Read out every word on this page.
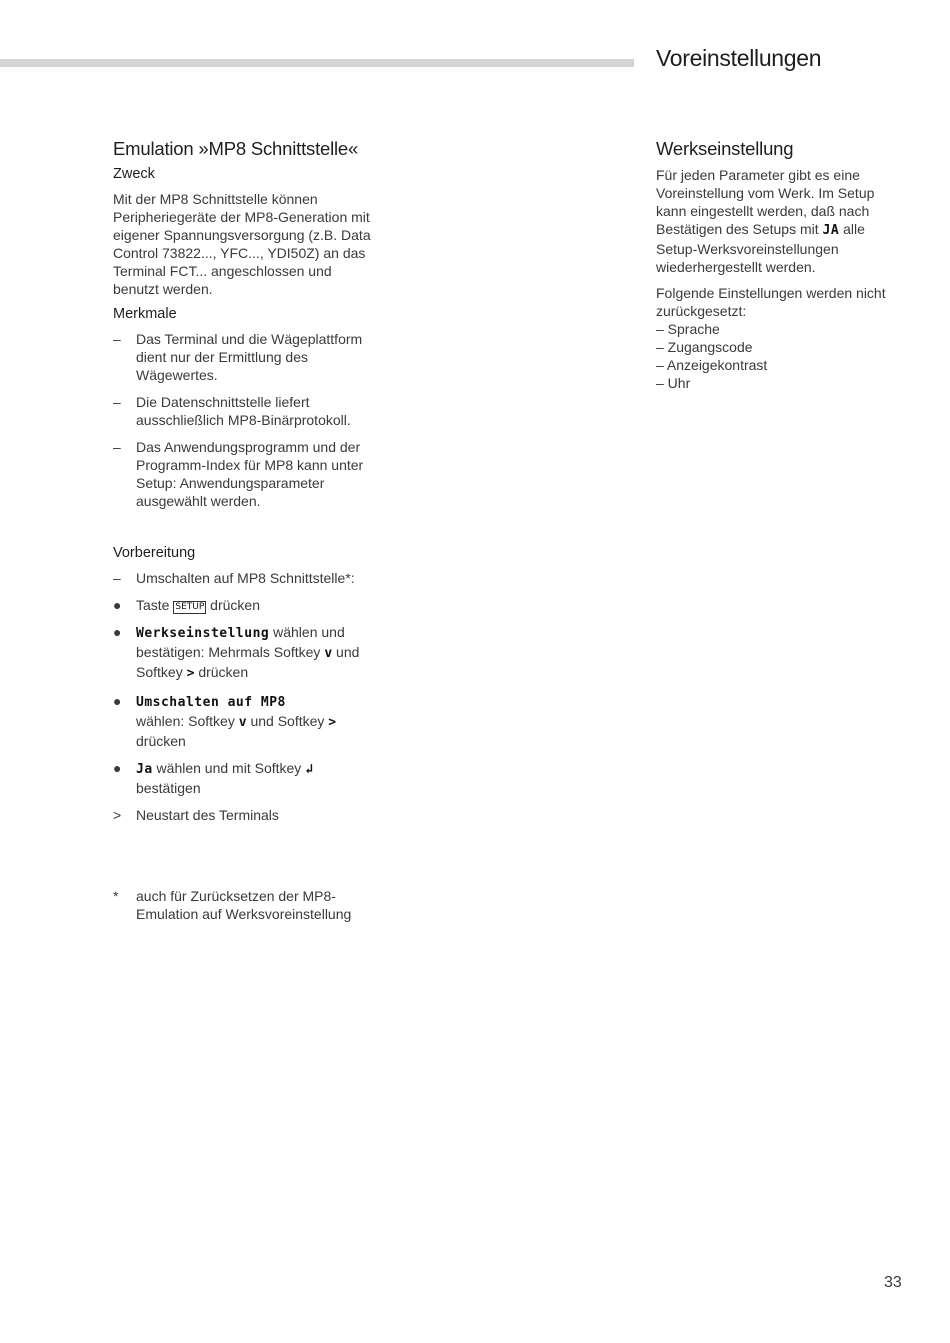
Voreinstellungen
Emulation »MP8 Schnittstelle«
Zweck

Mit der MP8 Schnittstelle können Peripheriegeräte der MP8-Generation mit eigener Spannungsversorgung (z.B. Data Control 73822..., YFC..., YDI50Z) an das Terminal FCT... angeschlossen und benutzt werden.

Merkmale
–	Das Terminal und die Wägeplattform dient nur der Ermittlung des Wägewertes.
–	Die Datenschnittstelle liefert ausschließlich MP8-Binärprotokoll.
–	Das Anwendungsprogramm und der Programm-Index für MP8 kann unter Setup: Anwendungsparameter ausgewählt werden.
Vorbereitung
–	Umschalten auf MP8 Schnittstelle*:
●	Taste SETUP drücken
●	Werkseinstellung wählen und bestätigen: Mehrmals Softkey v und Softkey > drücken
●	Umschalten auf MP8
wählen: Softkey v und Softkey > drücken
●	Ja wählen und mit Softkey ↲ bestätigen
>	Neustart des Terminals
*	auch für Zurücksetzen der MP8-Emulation auf Werksvoreinstellung
Werkseinstellung

Für jeden Parameter gibt es eine Voreinstellung vom Werk. Im Setup kann eingestellt werden, daß nach Bestätigen des Setups mit JA alle Setup-Werksvoreinstellungen wiederhergestellt werden.

Folgende Einstellungen werden nicht zurückgesetzt:

– Sprache

– Zugangscode

– Anzeigekontrast

– Uhr

33
